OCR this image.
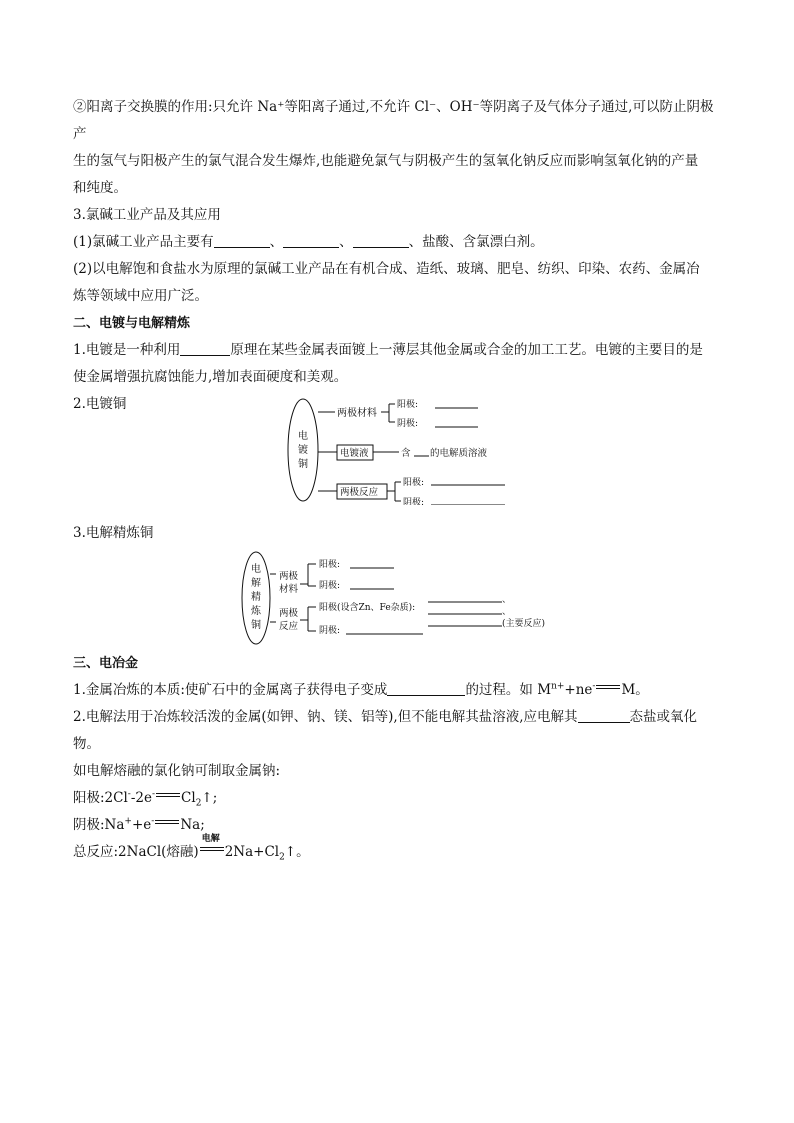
②阳离子交换膜的作用:只允许 Na⁺等阳离子通过,不允许 Cl⁻、OH⁻等阴离子及气体分子通过,可以防止阴极产

生的氢气与阳极产生的氯气混合发生爆炸,也能避免氯气与阴极产生的氢氧化钠反应而影响氢氧化钠的产量

和纯度。

3.氯碱工业产品及其应用

(1)氯碱工业产品主要有	、	、	、盐酸、含氯漂白剂。

(2)以电解饱和食盐水为原理的氯碱工业产品在有机合成、造纸、玻璃、肥皂、纺织、印染、农药、金属冶

炼等领域中应用广泛。

二、电镀与电解精炼

1.电镀是一种利用	原理在某些金属表面镀上一薄层其他金属或合金的加工工艺。电镀的主要目的是

使金属增强抗腐蚀能力,增加表面硬度和美观。

2.电镀铜

电
镀
铜
两极材料
阳极:
阴极:
电镀液	含 的电解质溶液
两极反应
阳极:
阴极:

3.电解精炼铜

电
解
精
炼
铜
两极
材料
阳极:
阴极:
两极
反应
阳极(设含Zn、Fe杂质):
、
、
阴极:
(主要反应)

三、电冶金

1.金属冶炼的本质:使矿石中的金属离子获得电子变成	的过程。如 $M^{n+}+ne^-$ M。

2.电解法用于冶炼较活泼的金属(如钾、钠、镁、铝等),但不能电解其盐溶液,应电解其	态盐或氧化

物。

如电解熔融的氯化钠可制取金属钠:

阳极:2Cl--2e- $Cl_2↑$;

阴极:Na++e- Na;

总反应:2NaCl(熔融)
电解
$2Na+Cl_2↑$。
